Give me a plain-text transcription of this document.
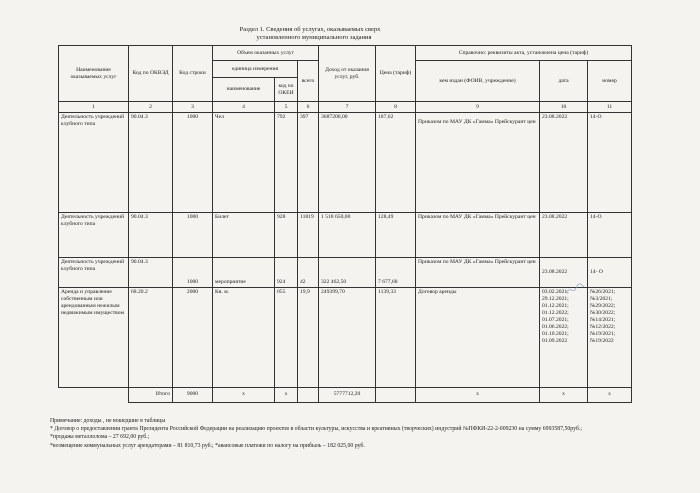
Раздел 1. Сведения об услугах, оказываемых сверх
установленного муниципального задания
Наименование оказываемых услуг	Код по ОКВЭД	Код строки	Объем оказанных услуг			Доход от оказания услуг, руб.	Цена (тариф)	Справочно: реквизиты акта, установлена цена (тариф)		
			единица измерения		всего			кем издан (ФОИВ, учреждение)	дата	номер
			наименование	код по ОКЕИ						
1	2	3	4	5	6	7	8	9	10	11
Деятельность учреждений клубного типа	90.04.3	1000	Чел	792	397	3687200,00	187,62	Приказом по МАУ ДК «Гамма» Прейскурант цен	23.08.2022	14-О
Деятельность учреждений клубного типа	90.04.3	1000	Билет	928	11819	1 518 650,00	128,49	Приказом по МАУ ДК «Гамма» Прейскурант цен	23.08.2022	14-О
Деятельность учреждений клубного типа	90.04.3	1000	мероприятие	924	42	322 462,50	7 677,68	Приказом по МАУ ДК «Гамма» Прейскурант цен	23.08.2022	14- О
Аренда и управление собственным или арендованным нежилым недвижимым имуществом	68.20.2	2000	Кв. м.	055	19,9	249399,70	1139,33	Договор аренды	03.02.2021; 29.12.2021; 01.12.2021; 01.12.2022; 01.07.2021; 01.06.2022; 01.10.2021; 01.09.2022	№26/2021; №3/2021; №29/2022; №30/2022; №14/2021; №12/2022; №19/2021; №19/2022
	Итого	9000	х	х		5777712,20		х	х	х
Примечание: доходы , не вошедшие в таблицы
* Договор о предоставлении гранта Президента Российской Федерации на реализацию проектов в области культуры, искусства и креативных (творческих) индустрий №ПФКИ-22-2-009230 на сумму 6993587,50руб.;
*продажа металлолома – 27 692,00 руб.;
*возмещение коммунальных услуг арендаторами – 81 810,73 руб.; *авансовые платежи по налогу на прибыль – 182 025,00 руб.
